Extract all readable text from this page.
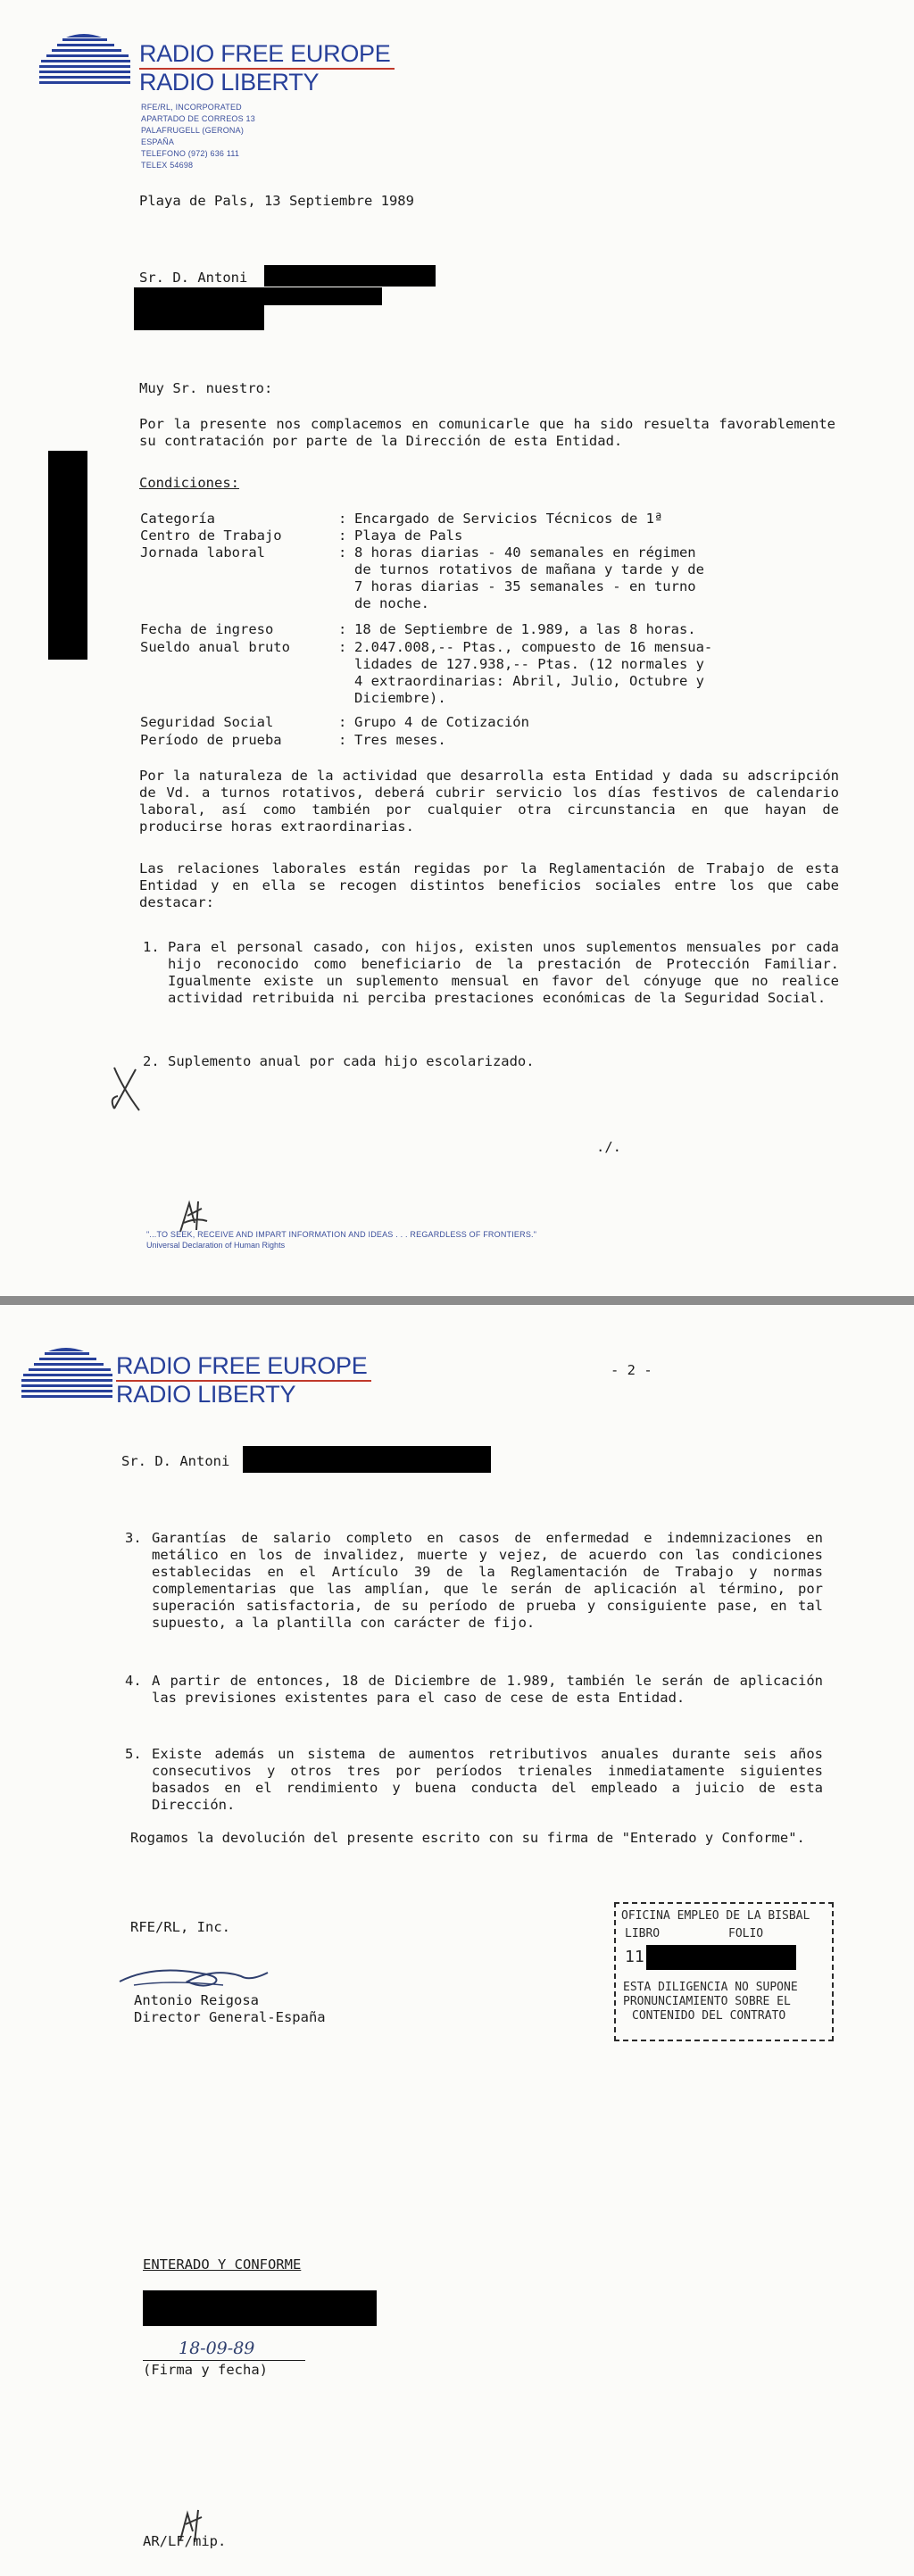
RADIO FREE EUROPE
RADIO LIBERTY
RFE/RL, INCORPORATED
APARTADO DE CORREOS 13
PALAFRUGELL (GERONA)
ESPAÑA
TELEFONO (972) 636 111
TELEX 54698
Playa de Pals, 13 Septiembre 1989
Sr. D. Antoni
Muy Sr. nuestro:
Por la presente nos complacemos en comunicarle que ha sido resuelta favorablemente su contratación por parte de la Dirección de esta Entidad.
Condiciones:
Categoría	: Encargado de Servicios Técnicos de 1ª
Centro de Trabajo	: Playa de Pals
Jornada laboral	: 8 horas diarias - 40 semanales en régimen
de turnos rotativos de mañana y tarde y de
7 horas diarias - 35 semanales - en turno
de noche.
Fecha de ingreso	: 18 de Septiembre de 1.989, a las 8 horas.
Sueldo anual bruto	: 2.047.008,-- Ptas., compuesto de 16 mensua-
lidades de 127.938,-- Ptas. (12 normales y
4 extraordinarias: Abril, Julio, Octubre y
Diciembre).
Seguridad Social	: Grupo 4 de Cotización
Período de prueba	: Tres meses.
Por la naturaleza de la actividad que desarrolla esta Entidad y dada su adscripción de Vd. a turnos rotativos, deberá cubrir servicio los días festivos de calendario laboral, así como también por cualquier otra circunstancia en que hayan de producirse horas extraordinarias.
Las relaciones laborales están regidas por la Reglamentación de Trabajo de esta Entidad y en ella se recogen distintos beneficios sociales entre los que cabe destacar:
1. Para el personal casado, con hijos, existen unos suplementos mensuales por cada hijo reconocido como beneficiario de la prestación de Protección Familiar. Igualmente existe un suplemento mensual en favor del cónyuge que no realice actividad retribuida ni perciba prestaciones económicas de la Seguridad Social.
2. Suplemento anual por cada hijo escolarizado.
./.
"...TO SEEK, RECEIVE AND IMPART INFORMATION AND IDEAS . . . REGARDLESS OF FRONTIERS."
Universal Declaration of Human Rights
RADIO FREE EUROPE
RADIO LIBERTY
- 2 -
Sr. D. Antoni
3. Garantías de salario completo en casos de enfermedad e indemnizaciones en metálico en los de invalidez, muerte y vejez, de acuerdo con las condiciones establecidas en el Artículo 39 de la Reglamentación de Trabajo y normas complementarias que las amplían, que le serán de aplicación al término, por superación satisfactoria, de su período de prueba y consiguiente pase, en tal supuesto, a la plantilla con carácter de fijo.
4. A partir de entonces, 18 de Diciembre de 1.989, también le serán de aplicación las previsiones existentes para el caso de cese de esta Entidad.
5. Existe además un sistema de aumentos retributivos anuales durante seis años consecutivos y otros tres por períodos trienales inmediatamente siguientes basados en el rendimiento y buena conducta del empleado a juicio de esta Dirección.
Rogamos la devolución del presente escrito con su firma de "Enterado y Conforme".
RFE/RL, Inc.
Antonio Reigosa
Director General-España
OFICINA EMPLEO DE LA BISBAL
LIBRO	FOLIO
11
ESTA DILIGENCIA NO SUPONE
PRONUNCIAMIENTO SOBRE EL
CONTENIDO DEL CONTRATO
ENTERADO Y CONFORME
18-09-89
(Firma y fecha)
AR/LF/mip.
